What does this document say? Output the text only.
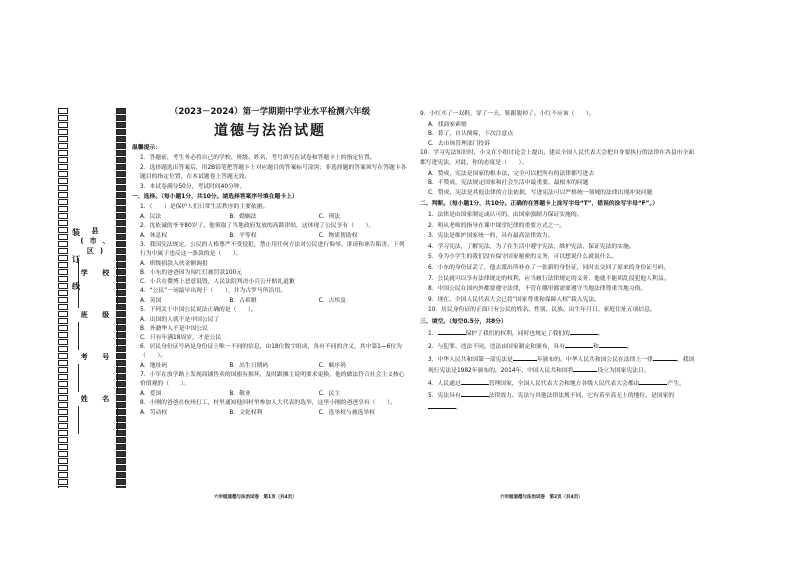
装
订
线
县(市、区)
学 校
班 级
考 号
姓 名
（2023－2024）第一学期期中学业水平检测六年级
道德与法治试题
温馨提示：
1．答题前，考生务必将自己的学校、班级、姓名、考号填写在试卷和答题卡上的指定位置。
2．选择题选出答案后，用2B铅笔把答题卡上对应题目的答案标号涂黑；非选择题的答案须写在答题卡各题目的指定位置，在本试题卷上答题无效。
3．本试卷满分50分，考试时间40分钟。
一、选择。（每小题1分，共10分。請选择答案序号填在題卡上）
1．（　　）是保护人们日常生活秩序的主要依据。
A．民法	B．婚姻法	C．刑法
2．沈依诚的爷爷80岁了，他领取了当地政府发放的高龄津贴，这体现了公民享有（　　）。
A．休息权	B．平等权	C．物质帮助权
3．我国宪法规定，公民的人格尊严不受侵犯，禁止用任何方法对公民进行侮辱、诽谤和诬告陷害。下列行为中属于违反这一条款的是（　　）。
A．班级捐款入伙金额调捐
B．小东的爸爸因为闯红灯被罚款100元
C．小兵在微博上恶意诋毁，人民法院判决小兵公开赔礼道歉
4．“公民”一词最早出现于（　　），并为古罗马所沿用。
A．英国	B．古希腊	C．古埃及
5．下列关于中国公民说法正确的是（　　）。
A．出国的人就不是中国公民了
B．外籍华人不是中国公民
C．只有年满18周岁，才是公民
6．居民身份证号码是身份证上唯一不同的信息，由18位数字组成，各有不同的含义，其中第1—6位为（　　）。
A．地址码	B．出生日期码	C．顺序码
7．小军在放学路上发现商铺售卖的国旗有损坏，及时跟摊主说明要求更换，他的做法符合社会主义核心价值观的（　　）。
A．爱国	B．敬业	C．民主
8．小刚的爸爸在杭州打工，村里通知他回村里参加人大代表的选举，这里小刚的爸爸享有（　　）。
A．劳动权	B．文化权利	C．选举权与被选举权
六年级道德与法治试卷　第1页（共4页）
9．小红买了一双鞋，穿了一天，鞋跟脱掉了。小红不应该（　　）。
A．找商家索赔
B．算了，自认倒霉，下次注意点
C．去市场管理部门投诉
10．学习宪法知识时，小文在小组讨论会上提出，建议全国人民代表大会把自身要执行的法律在各县市全面都写进宪法，对此，你的态度是（　　）。
A．赞成，宪法是国家的根本法，完全可以把所有的法律都写进去
B．不赞成，宪法规定国家和社会生活中最重要、最根本的问题
C．赞成，宪法是其他法律的立法依据，写进宪法可以严格统一领域的法律出现冲突问题
二、判断。（每小题1分，共10分。正确的在答题卡上涂写字母“T”，错误的涂写字母“F”。）
1．法律是由国家制定或认可的，由国家强制力保证实施的。
2．明从老师的指导在课中课堂纪律的重要方式之一。
3．宪法是维护国家统一的，具有最高法律效力。
4．学习宪法，了解宪法，为了在生活中遵守宪法，维护宪法，保证宪法的实施。
5．身为小学生的我们没有保守国家秘密的义务，可以想说什么就说什么。
6．小东的身份证丢了，他去派出所补办了一张新的身份证，同时去交回了原来的身份证号码。
7．公民就可以享有法律规定的权利，应当履行法律规定的义务，他就不能胡乱侵犯他人利益。
8．中国公民在国内外都要遵守法律，不管在哪里都需要遵守当地法律尊重当地习俗。
9．现在，全国人民代表大会已将“国家尊重和保障人权”载入宪法。
10．居民身份证的正面只有公民的姓名、性别、民族、出生年月日、家庭住址五项信息。
三、填空。（每空0.5分，共8分）
1．	保护了我们的权利，同时也规定了我们的	。
2．与犯罪、违法不同，违法由国家制定和颁布，具有	和	。
3．中华人民共和国第一部宪法是	年颁布的。中华人民共和国公民在法律上一律	。我国现行宪法是1982年颁布的，2014年，中国人民共和国将	设立为国家宪法日。
4．人民通过	管理国家，全国人民代表大会和地方各级人民代表大会都由	产生。
5．宪法具有	法律效力。宪法与其他法律法规不同，它有着至高无上的地位，是国家的。
六年级道德与法治试卷　第2页（共4页）
